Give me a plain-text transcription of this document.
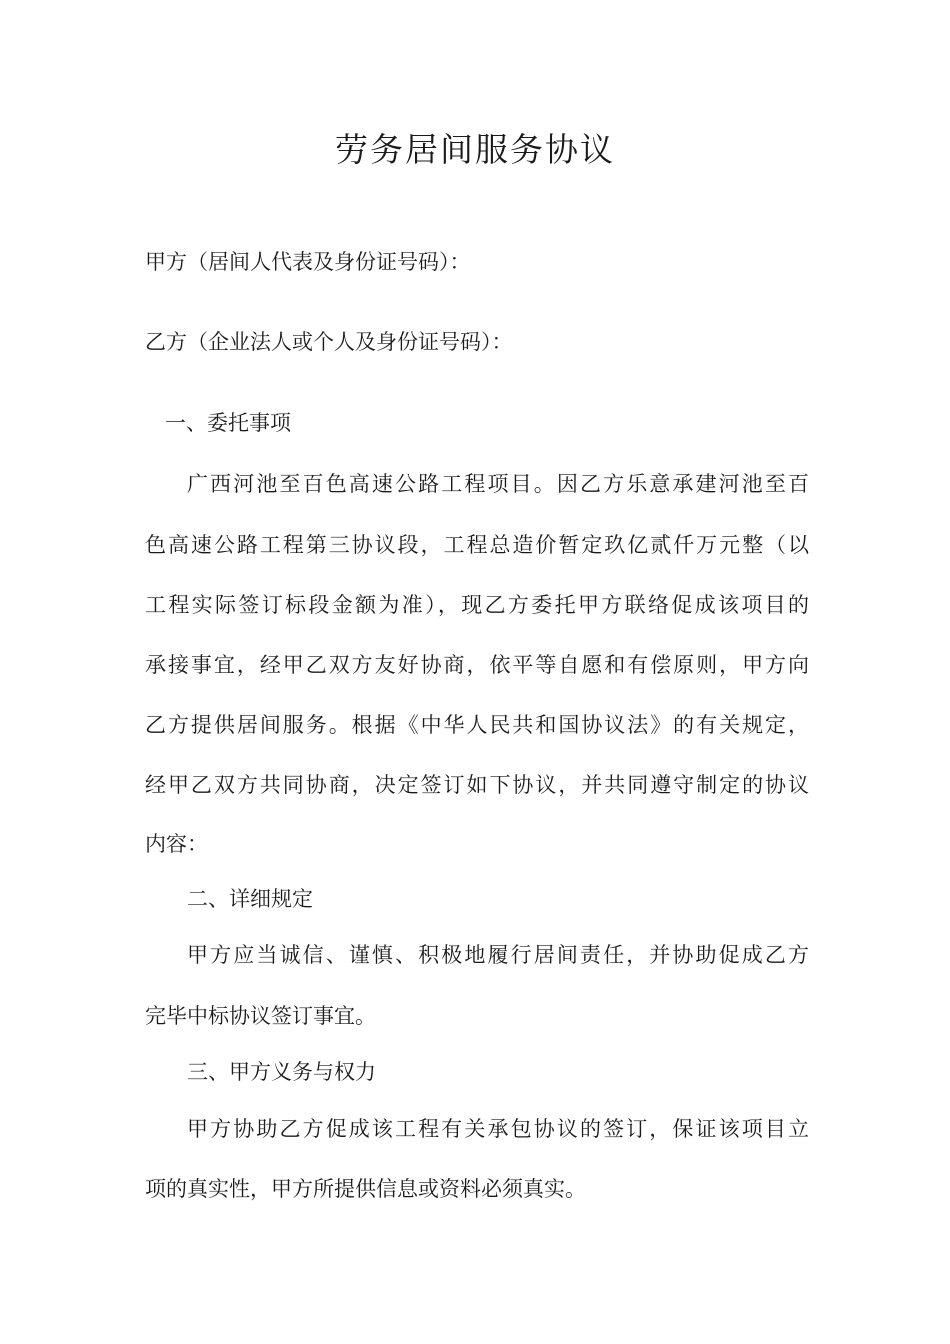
劳务居间服务协议
甲方（居间人代表及身份证号码）：
乙方（企业法人或个人及身份证号码）：
一、委托事项
广西河池至百色高速公路工程项目。因乙方乐意承建河池至百
色高速公路工程第三协议段，工程总造价暂定玖亿贰仟万元整（以
工程实际签订标段金额为准），现乙方委托甲方联络促成该项目的
承接事宜，经甲乙双方友好协商，依平等自愿和有偿原则，甲方向
乙方提供居间服务。根据《中华人民共和国协议法》的有关规定，
经甲乙双方共同协商，决定签订如下协议，并共同遵守制定的协议
内容：
二、详细规定
甲方应当诚信、谨慎、积极地履行居间责任，并协助促成乙方
完毕中标协议签订事宜。
三、甲方义务与权力
甲方协助乙方促成该工程有关承包协议的签订，保证该项目立
项的真实性，甲方所提供信息或资料必须真实。
